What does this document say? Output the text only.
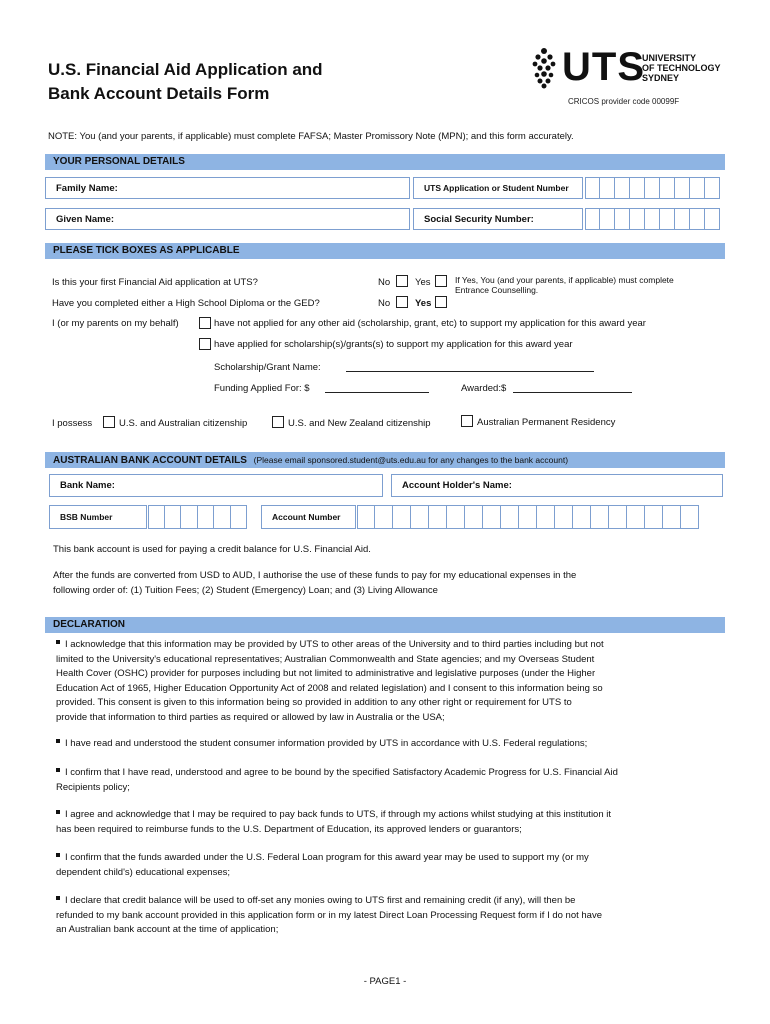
U.S. Financial Aid Application and
Bank Account Details Form
UTS
UNIVERSITY
OF TECHNOLOGY
SYDNEY
CRICOS provider code 00099F
NOTE: You (and your parents, if applicable) must complete FAFSA; Master Promissory Note (MPN); and this form accurately.
YOUR PERSONAL DETAILS
Family Name:	UTS Application or Student Number
Given Name:	Social Security Number:
PLEASE TICK BOXES AS APPLICABLE
Is this your first Financial Aid application at UTS?	No	Yes	If Yes, You (and your parents, if applicable) must complete
Entrance Counselling.
Have you completed either a High School Diploma or the GED?	No	Yes
I (or my parents on my behalf)	have not applied for any other aid (scholarship, grant, etc) to support my application for this award year
have applied for scholarship(s)/grants(s) to support my application for this award year
Scholarship/Grant Name:
Funding Applied For: $	Awarded:$
I possess	U.S. and Australian citizenship	U.S. and New Zealand citizenship	Australian Permanent Residency
AUSTRALIAN BANK ACCOUNT DETAILS (Please email sponsored.student@uts.edu.au for any changes to the bank account)
Bank Name:	Account Holder's Name:
BSB Number	Account Number
This bank account is used for paying a credit balance for U.S. Financial Aid.
After the funds are converted from USD to AUD, I authorise the use of these funds to pay for my educational expenses in the
following order of: (1) Tuition Fees; (2) Student (Emergency) Loan; and (3) Living Allowance
DECLARATION
I acknowledge that this information may be provided by UTS to other areas of the University and to third parties including but not
limited to the University's educational representatives; Australian Commonwealth and State agencies; and my Overseas Student
Health Cover (OSHC) provider for purposes including but not limited to administrative and legislative purposes (under the Higher
Education Act of 1965, Higher Education Opportunity Act of 2008 and related legislation) and I consent to this information being so
provided. This consent is given to this information being so provided in addition to any other right or requirement for UTS to
provide that information to third parties as required or allowed by law in Australia or the USA;
I have read and understood the student consumer information provided by UTS in accordance with U.S. Federal regulations;
I confirm that I have read, understood and agree to be bound by the specified Satisfactory Academic Progress for U.S. Financial Aid
Recipients policy;
I agree and acknowledge that I may be required to pay back funds to UTS, if through my actions whilst studying at this institution it
has been required to reimburse funds to the U.S. Department of Education, its approved lenders or guarantors;
I confirm that the funds awarded under the U.S. Federal Loan program for this award year may be used to support my (or my
dependent child's) educational expenses;
I declare that credit balance will be used to off-set any monies owing to UTS first and remaining credit (if any), will then be
refunded to my bank account provided in this application form or in my latest Direct Loan Processing Request form if I do not have
an Australian bank account at the time of application;
- PAGE1 -
